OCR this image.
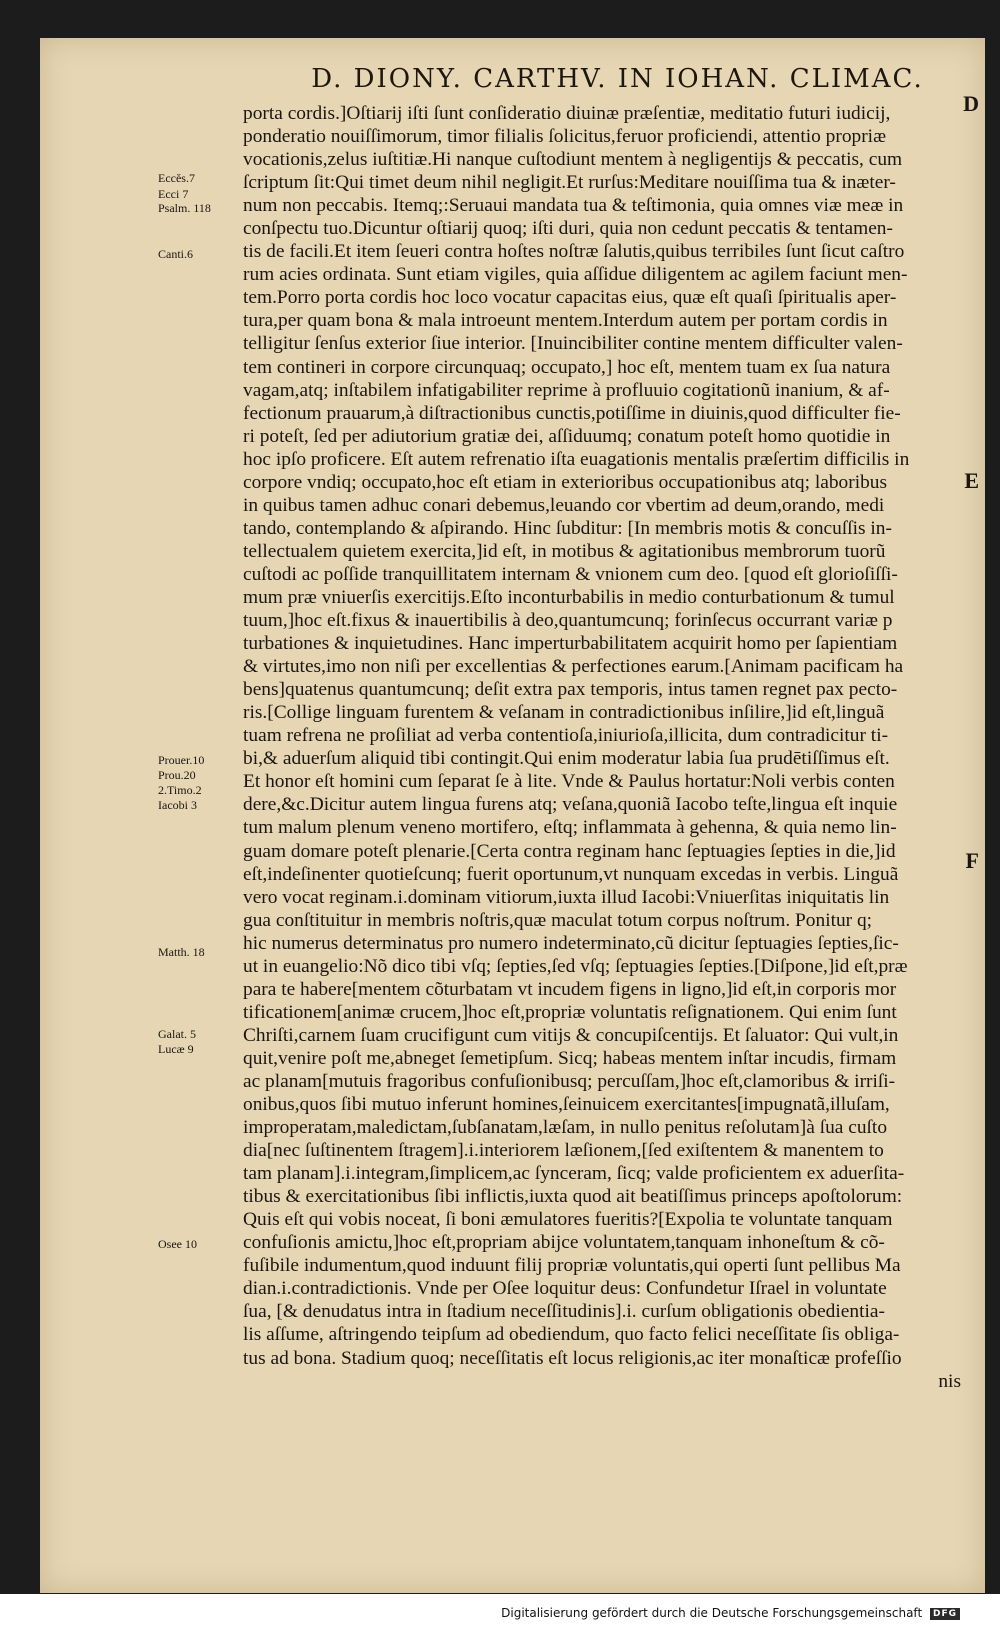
D. DIONY. CARTHV. IN IOHAN. CLIMAC.
porta cordis.]Oſtiarij iſti ſunt conſideratio diuinæ præſentiæ, meditatio futuri iudicij,
ponderatio nouiſſimorum, timor filialis ſolicitus,feruor proficiendi, attentio propriæ
vocationis,zelus iuſtitiæ.Hi nanque cuſtodiunt mentem à negligentijs & peccatis, cum
ſcriptum ſit:Qui timet deum nihil negligit.Et rurſus:Meditare nouiſſima tua & inæter-
num non peccabis. Itemq;:Seruaui mandata tua & teſtimonia, quia omnes viæ meæ in
conſpectu tuo.Dicuntur oſtiarij quoq; iſti duri, quia non cedunt peccatis & tentamen-
tis de facili.Et item ſeueri contra hoſtes noſtræ ſalutis,quibus terribiles ſunt ſicut caſtro
rum acies ordinata. Sunt etiam vigiles, quia aſſidue diligentem ac agilem faciunt men-
tem.Porro porta cordis hoc loco vocatur capacitas eius, quæ eſt quaſi ſpiritualis aper-
tura,per quam bona & mala introeunt mentem.Interdum autem per portam cordis in
telligitur ſenſus exterior ſiue interior. [Inuincibiliter contine mentem difficulter valen-
tem contineri in corpore circunquaq; occupato,] hoc eſt, mentem tuam ex ſua natura
vagam,atq; inſtabilem infatigabiliter reprime à profluuio cogitationũ inanium, & af-
fectionum prauarum,à diſtractionibus cunctis,potiſſime in diuinis,quod difficulter fie-
ri poteſt, ſed per adiutorium gratiæ dei, aſſiduumq; conatum poteſt homo quotidie in
hoc ipſo proficere. Eſt autem refrenatio iſta euagationis mentalis præſertim difficilis in
corpore vndiq; occupato,hoc eſt etiam in exterioribus occupationibus atq; laboribus
in quibus tamen adhuc conari debemus,leuando cor vbertim ad deum,orando, medi
tando, contemplando & aſpirando. Hinc ſubditur: [In membris motis & concuſſis in-
tellectualem quietem exercita,]id eſt, in motibus & agitationibus membrorum tuorũ
cuſtodi ac poſſide tranquillitatem internam & vnionem cum deo. [quod eſt glorioſiſſi-
mum præ vniuerſis exercitijs.Eſto inconturbabilis in medio conturbationum & tumul
tuum,]hoc eſt.fixus & inauertibilis à deo,quantumcunq; forinſecus occurrant variæ p
turbationes & inquietudines. Hanc imperturbabilitatem acquirit homo per ſapientiam
& virtutes,imo non niſi per excellentias & perfectiones earum.[Animam pacificam ha
bens]quatenus quantumcunq; deſit extra pax temporis, intus tamen regnet pax pecto-
ris.[Collige linguam furentem & veſanam in contradictionibus inſilire,]id eſt,linguã
tuam refrena ne proſiliat ad verba contentioſa,iniurioſa,illicita, dum contradicitur ti-
bi,& aduerſum aliquid tibi contingit.Qui enim moderatur labia ſua prudētiſſimus eſt.
Et honor eſt homini cum ſeparat ſe à lite. Vnde & Paulus hortatur:Noli verbis conten
dere,&c.Dicitur autem lingua furens atq; veſana,quoniã Iacobo teſte,lingua eſt inquie
tum malum plenum veneno mortifero, eſtq; inflammata à gehenna, & quia nemo lin-
guam domare poteſt plenarie.[Certa contra reginam hanc ſeptuagies ſepties in die,]id
eſt,indeſinenter quotieſcunq; fuerit oportunum,vt nunquam excedas in verbis. Linguã
vero vocat reginam.i.dominam vitiorum,iuxta illud Iacobi:Vniuerſitas iniquitatis lin
gua conſtituitur in membris noſtris,quæ maculat totum corpus noſtrum. Ponitur q;
hic numerus determinatus pro numero indeterminato,cũ dicitur ſeptuagies ſepties,ſic-
ut in euangelio:Nõ dico tibi vſq; ſepties,ſed vſq; ſeptuagies ſepties.[Diſpone,]id eſt,præ
para te habere[mentem cõturbatam vt incudem figens in ligno,]id eſt,in corporis mor
tificationem[animæ crucem,]hoc eſt,propriæ voluntatis reſignationem. Qui enim ſunt
Chriſti,carnem ſuam crucifigunt cum vitijs & concupiſcentijs. Et ſaluator: Qui vult,in
quit,venire poſt me,abneget ſemetipſum. Sicq; habeas mentem inſtar incudis, firmam
ac planam[mutuis fragoribus confuſionibusq; percuſſam,]hoc eſt,clamoribus & irriſi-
onibus,quos ſibi mutuo inferunt homines,ſeinuicem exercitantes[impugnatã,illuſam,
improperatam,maledictam,ſubſanatam,læſam, in nullo penitus reſolutam]à ſua cuſto
dia[nec ſuſtinentem ſtragem].i.interiorem læſionem,[ſed exiſtentem & manentem to
tam planam].i.integram,ſimplicem,ac ſynceram, ſicq; valde proficientem ex aduerſita-
tibus & exercitationibus ſibi inflictis,iuxta quod ait beatiſſimus princeps apoſtolorum:
Quis eſt qui vobis noceat, ſi boni æmulatores fueritis?[Expolia te voluntate tanquam
confuſionis amictu,]hoc eſt,propriam abijce voluntatem,tanquam inhoneſtum & cõ-
fuſibile indumentum,quod induunt filij propriæ voluntatis,qui operti ſunt pellibus Ma
dian.i.contradictionis. Vnde per Oſee loquitur deus: Confundetur Iſrael in voluntate
ſua, [& denudatus intra in ſtadium neceſſitudinis].i. curſum obligationis obedientia-
lis aſſume, aſtringendo teipſum ad obediendum, quo facto felici neceſſitate ſis obliga-
tus ad bona. Stadium quoq; neceſſitatis eſt locus religionis,ac iter monaſticæ profeſſio
nis
Eccĕs.7
Ecci 7
Psalm. 118
Canti.6
Prouer.10
Prou.20
2.Timo.2
Iacobi 3
Matth. 18
Galat. 5
Lucæ 9
Osee 10
D
E
F
Digitalisierung gefördert durch die Deutsche Forschungsgemeinschaft DFG
